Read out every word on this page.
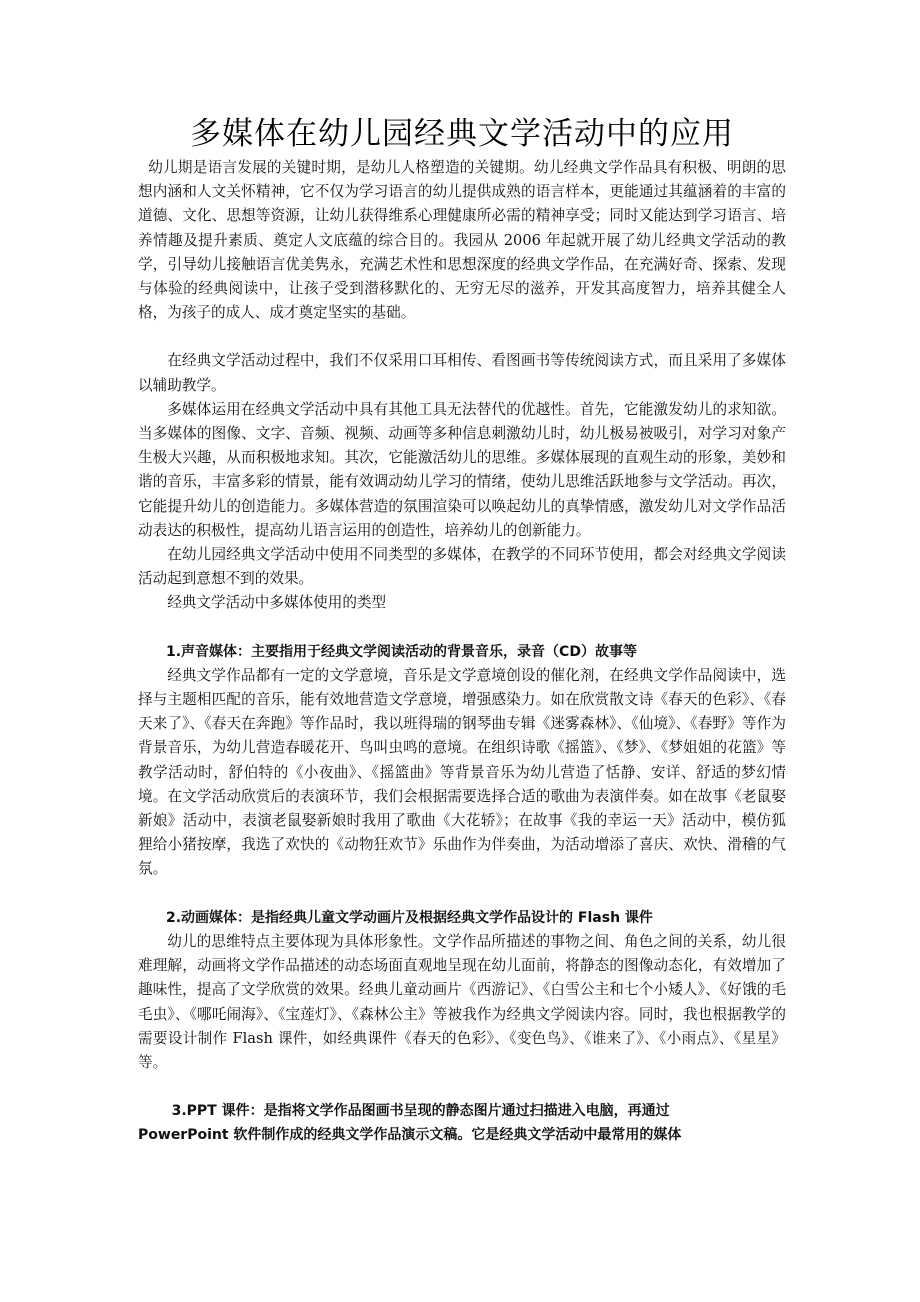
多媒体在幼儿园经典文学活动中的应用

幼儿期是语言发展的关键时期，是幼儿人格塑造的关键期。幼儿经典文学作品具有积极、明朗的思想内涵和人文关怀精神，它不仅为学习语言的幼儿提供成熟的语言样本，更能通过其蕴涵着的丰富的道德、文化、思想等资源，让幼儿获得维系心理健康所必需的精神享受；同时又能达到学习语言、培养情趣及提升素质、奠定人文底蕴的综合目的。我园从 2006 年起就开展了幼儿经典文学活动的教学，引导幼儿接触语言优美隽永，充满艺术性和思想深度的经典文学作品，在充满好奇、探索、发现与体验的经典阅读中，让孩子受到潜移默化的、无穷无尽的滋养，开发其高度智力，培养其健全人格，为孩子的成人、成才奠定坚实的基础。

在经典文学活动过程中，我们不仅采用口耳相传、看图画书等传统阅读方式，而且采用了多媒体以辅助教学。

多媒体运用在经典文学活动中具有其他工具无法替代的优越性。首先，它能激发幼儿的求知欲。当多媒体的图像、文字、音频、视频、动画等多种信息刺激幼儿时，幼儿极易被吸引，对学习对象产生极大兴趣，从而积极地求知。其次，它能激活幼儿的思维。多媒体展现的直观生动的形象，美妙和谐的音乐，丰富多彩的情景，能有效调动幼儿学习的情绪，使幼儿思维活跃地参与文学活动。再次，它能提升幼儿的创造能力。多媒体营造的氛围渲染可以唤起幼儿的真挚情感，激发幼儿对文学作品活动表达的积极性，提高幼儿语言运用的创造性，培养幼儿的创新能力。

在幼儿园经典文学活动中使用不同类型的多媒体，在教学的不同环节使用，都会对经典文学阅读活动起到意想不到的效果。

经典文学活动中多媒体使用的类型

1.声音媒体：主要指用于经典文学阅读活动的背景音乐，录音（CD）故事等

经典文学作品都有一定的文学意境，音乐是文学意境创设的催化剂，在经典文学作品阅读中，选择与主题相匹配的音乐，能有效地营造文学意境，增强感染力。如在欣赏散文诗《春天的色彩》、《春天来了》、《春天在奔跑》等作品时，我以班得瑞的钢琴曲专辑《迷雾森林》、《仙境》、《春野》等作为背景音乐，为幼儿营造春暖花开、鸟叫虫鸣的意境。在组织诗歌《摇篮》、《梦》、《梦姐姐的花篮》等教学活动时，舒伯特的《小夜曲》、《摇篮曲》等背景音乐为幼儿营造了恬静、安详、舒适的梦幻情境。在文学活动欣赏后的表演环节，我们会根据需要选择合适的歌曲为表演伴奏。如在故事《老鼠娶新娘》活动中，表演老鼠娶新娘时我用了歌曲《大花轿》；在故事《我的幸运一天》活动中，模仿狐狸给小猪按摩，我选了欢快的《动物狂欢节》乐曲作为伴奏曲，为活动增添了喜庆、欢快、滑稽的气氛。

2.动画媒体：是指经典儿童文学动画片及根据经典文学作品设计的 Flash 课件

幼儿的思维特点主要体现为具体形象性。文学作品所描述的事物之间、角色之间的关系，幼儿很难理解，动画将文学作品描述的动态场面直观地呈现在幼儿面前，将静态的图像动态化，有效增加了趣味性，提高了文学欣赏的效果。经典儿童动画片《西游记》、《白雪公主和七个小矮人》、《好饿的毛毛虫》、《哪吒闹海》、《宝莲灯》、《森林公主》等被我作为经典文学阅读内容。同时，我也根据教学的需要设计制作 Flash 课件，如经典课件《春天的色彩》、《变色鸟》、《谁来了》、《小雨点》、《星星》等。

3.PPT 课件：是指将文学作品图画书呈现的静态图片通过扫描进入电脑，再通过

PowerPoint 软件制作成的经典文学作品演示文稿。它是经典文学活动中最常用的媒体
